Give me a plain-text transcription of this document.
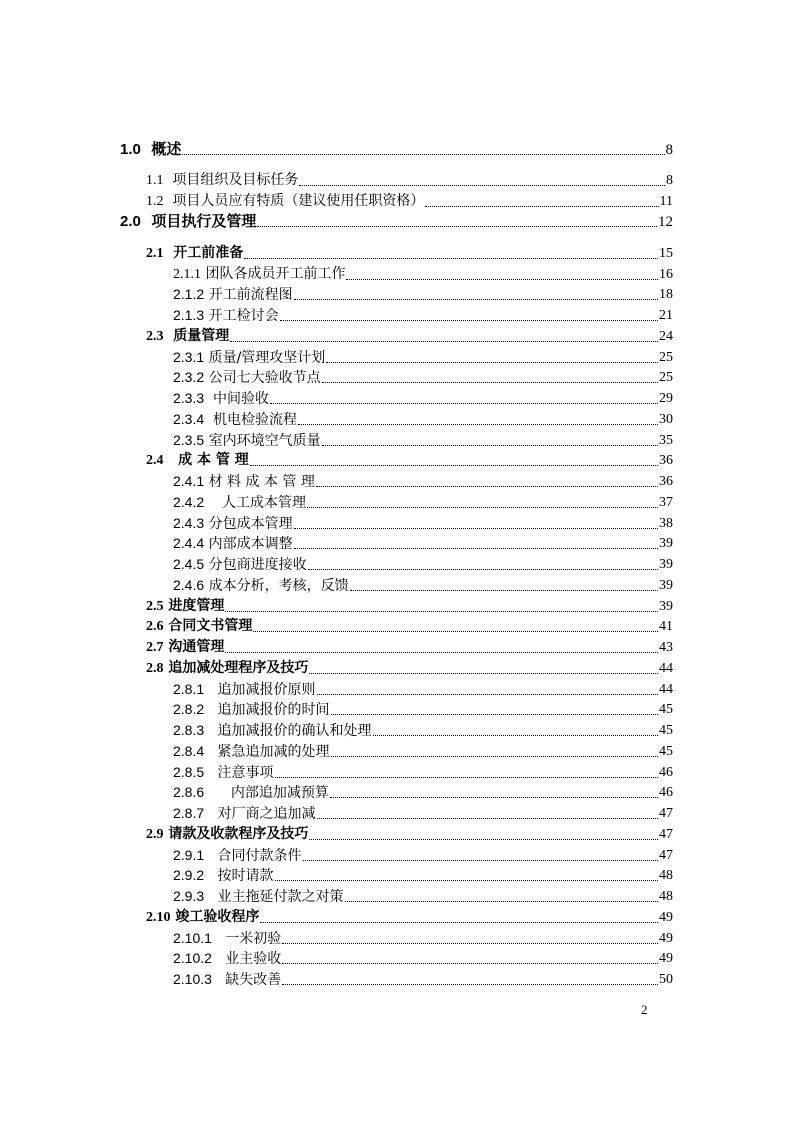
1.0 概述	8
1.1 项目组织及目标任务	8
1.2 项目人员应有特质（建议使用任职资格）	11
2.0 项目执行及管理	12
2.1 开工前准备	15
2.1.1 团队各成员开工前工作	16
2.1.2 开工前流程图	18
2.1.3 开工检讨会	21
2.3 质量管理	24
2.3.1 质量/管理攻坚计划	25
2.3.2 公司七大验收节点	25
2.3.3 中间验收	29
2.3.4 机电检验流程	30
2.3.5 室内环境空气质量	35
2.4 成 本 管 理	36
2.4.1 材 料 成 本 管 理	36
2.4.2 人工成本管理	37
2.4.3 分包成本管理	38
2.4.4 内部成本调整	39
2.4.5 分包商进度接收	39
2.4.6 成本分析，考核，反馈	39
2.5 进度管理	39
2.6 合同文书管理	41
2.7 沟通管理	43
2.8 追加减处理程序及技巧	44
2.8.1 追加减报价原则	44
2.8.2 追加减报价的时间	45
2.8.3 追加减报价的确认和处理	45
2.8.4 紧急追加减的处理	45
2.8.5 注意事项	46
2.8.6 内部追加减预算	46
2.8.7 对厂商之追加减	47
2.9 请款及收款程序及技巧	47
2.9.1 合同付款条件	47
2.9.2 按时请款	48
2.9.3 业主拖延付款之对策	48
2.10 竣工验收程序	49
2.10.1 一米初验	49
2.10.2 业主验收	49
2.10.3 缺失改善	50
2
